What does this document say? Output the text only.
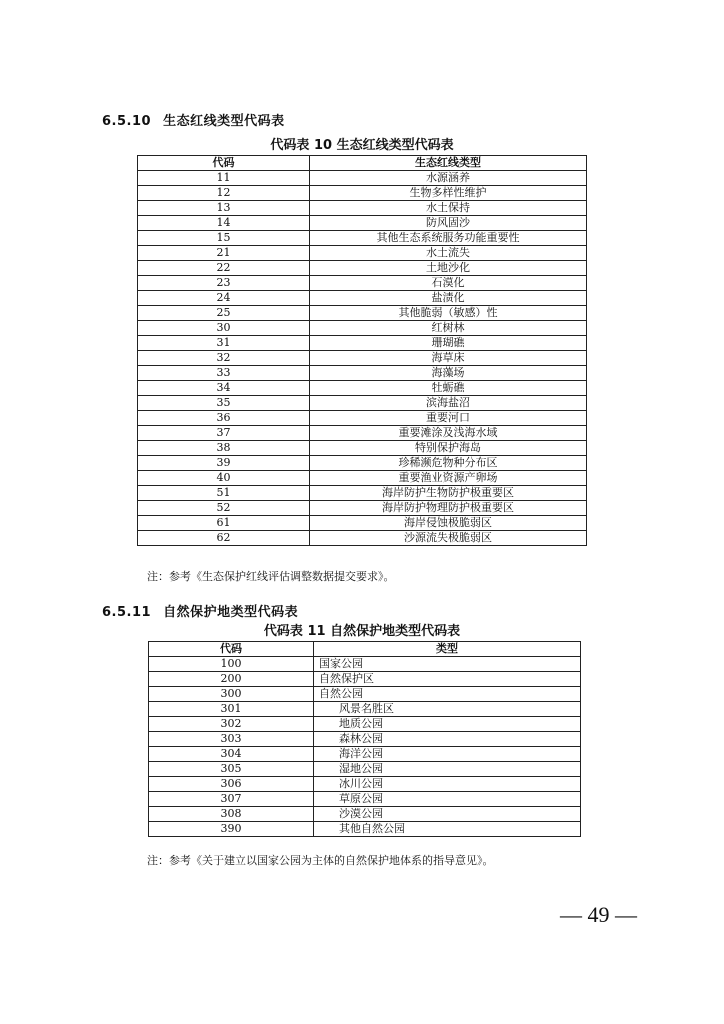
6.5.10 生态红线类型代码表
代码表 10 生态红线类型代码表
代码	生态红线类型
11	水源涵养
12	生物多样性维护
13	水土保持
14	防风固沙
15	其他生态系统服务功能重要性
21	水土流失
22	土地沙化
23	石漠化
24	盐渍化
25	其他脆弱（敏感）性
30	红树林
31	珊瑚礁
32	海草床
33	海藻场
34	牡蛎礁
35	滨海盐沼
36	重要河口
37	重要滩涂及浅海水域
38	特别保护海岛
39	珍稀濒危物种分布区
40	重要渔业资源产卵场
51	海岸防护生物防护极重要区
52	海岸防护物理防护极重要区
61	海岸侵蚀极脆弱区
62	沙源流失极脆弱区
注：参考《生态保护红线评估调整数据提交要求》。
6.5.11 自然保护地类型代码表
代码表 11 自然保护地类型代码表
代码	类型
100	国家公园
200	自然保护区
300	自然公园
301	风景名胜区
302	地质公园
303	森林公园
304	海洋公园
305	湿地公园
306	冰川公园
307	草原公园
308	沙漠公园
390	其他自然公园
注：参考《关于建立以国家公园为主体的自然保护地体系的指导意见》。
— 49 —
